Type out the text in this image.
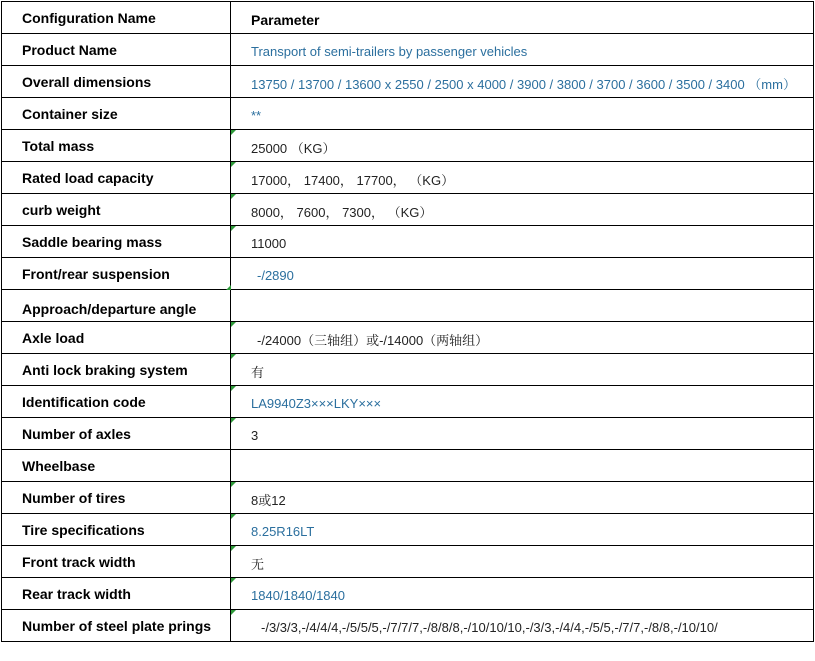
Configuration Name	Parameter
Product Name	Transport of semi-trailers by passenger vehicles
Overall dimensions	13750 / 13700 / 13600 x 2550 / 2500 x 4000 / 3900 / 3800 / 3700 / 3600 / 3500 / 3400 （mm）
Container size	**
Total mass	25000 （KG）
Rated load capacity	17000， 17400， 17700， （KG）
curb weight	8000， 7600， 7300， （KG）
Saddle bearing mass	11000
Front/rear suspension	-/2890
Approach/departure angle	
Axle load	-/24000（三轴组）或-/14000（两轴组）
Anti lock braking system	有
Identification code	LA9940Z3×××LKY×××
Number of axles	3
Wheelbase	
Number of tires	8或12
Tire specifications	8.25R16LT
Front track width	无
Rear track width	1840/1840/1840
Number of steel plate prings	-/3/3/3,-/4/4/4,-/5/5/5,-/7/7/7,-/8/8/8,-/10/10/10,-/3/3,-/4/4,-/5/5,-/7/7,-/8/8,-/10/10/
